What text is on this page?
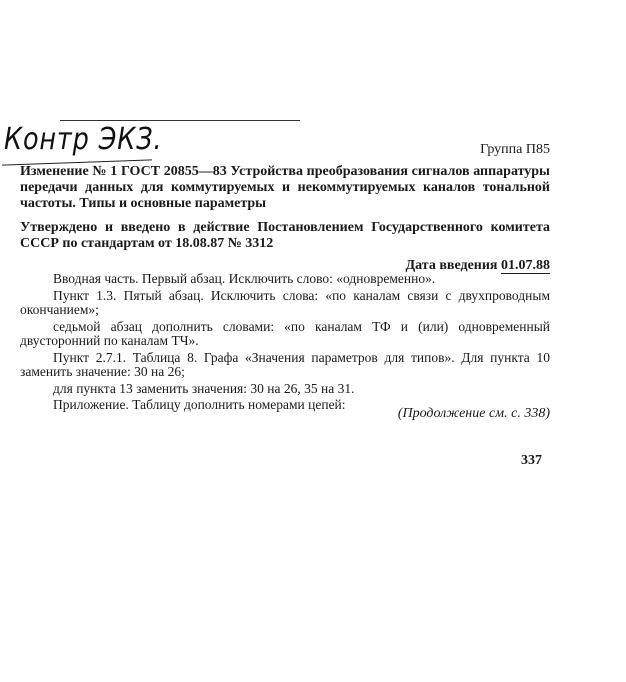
Контр ЭКЗ.	Группа П85
Изменение № 1 ГОСТ 20855—83 Устройства преобразования сигналов аппаратуры передачи данных для коммутируемых и некоммутируемых каналов тональной частоты. Типы и основные параметры
Утверждено и введено в действие Постановлением Государственного комитета СССР по стандартам от 18.08.87 № 3312
Дата введения 01.07.88

Вводная часть. Первый абзац. Исключить слово: «одновременно».

Пункт 1.3. Пятый абзац. Исключить слова: «по каналам связи с двухпроводным окончанием»;

седьмой абзац дополнить словами: «по каналам ТФ и (или) одновременный двусторонний по каналам ТЧ».

Пункт 2.7.1. Таблица 8. Графа «Значения параметров для типов». Для пункта 10 заменить значение: 30 на 26;

для пункта 13 заменить значения: 30 на 26, 35 на 31.

Приложение. Таблицу дополнить номерами цепей:

(Продолжение см. с. 338)
337
